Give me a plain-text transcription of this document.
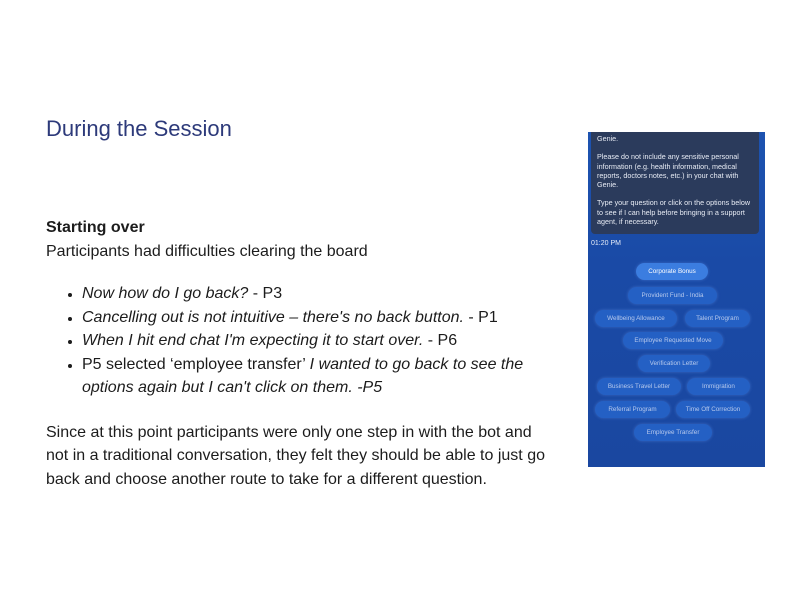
During the Session
Starting over
Participants had difficulties clearing the board
• Now how do I go back? - P3
• Cancelling out is not intuitive – there's no back button. - P1
• When I hit end chat I'm expecting it to start over. - P6
• P5 selected ‘employee transfer’ I wanted to go back to see the options again but I can't click on them. -P5
Since at this point participants were only one step in with the bot and not in a traditional conversation, they felt they should be able to just go back and choose another route to take for a different question.

Genie.

Please do not include any sensitive personal information (e.g. health information, medical reports, doctors notes, etc.) in your chat with Genie.

Type your question or click on the options below to see if I can help before bringing in a support agent, if necessary.

01:20 PM
Corporate Bonus
Provident Fund - India
Wellbeing Allowance	Talent Program
Employee Requested Move
Verification Letter
Business Travel Letter	Immigration
Referral Program	Time Off Correction
Employee Transfer
